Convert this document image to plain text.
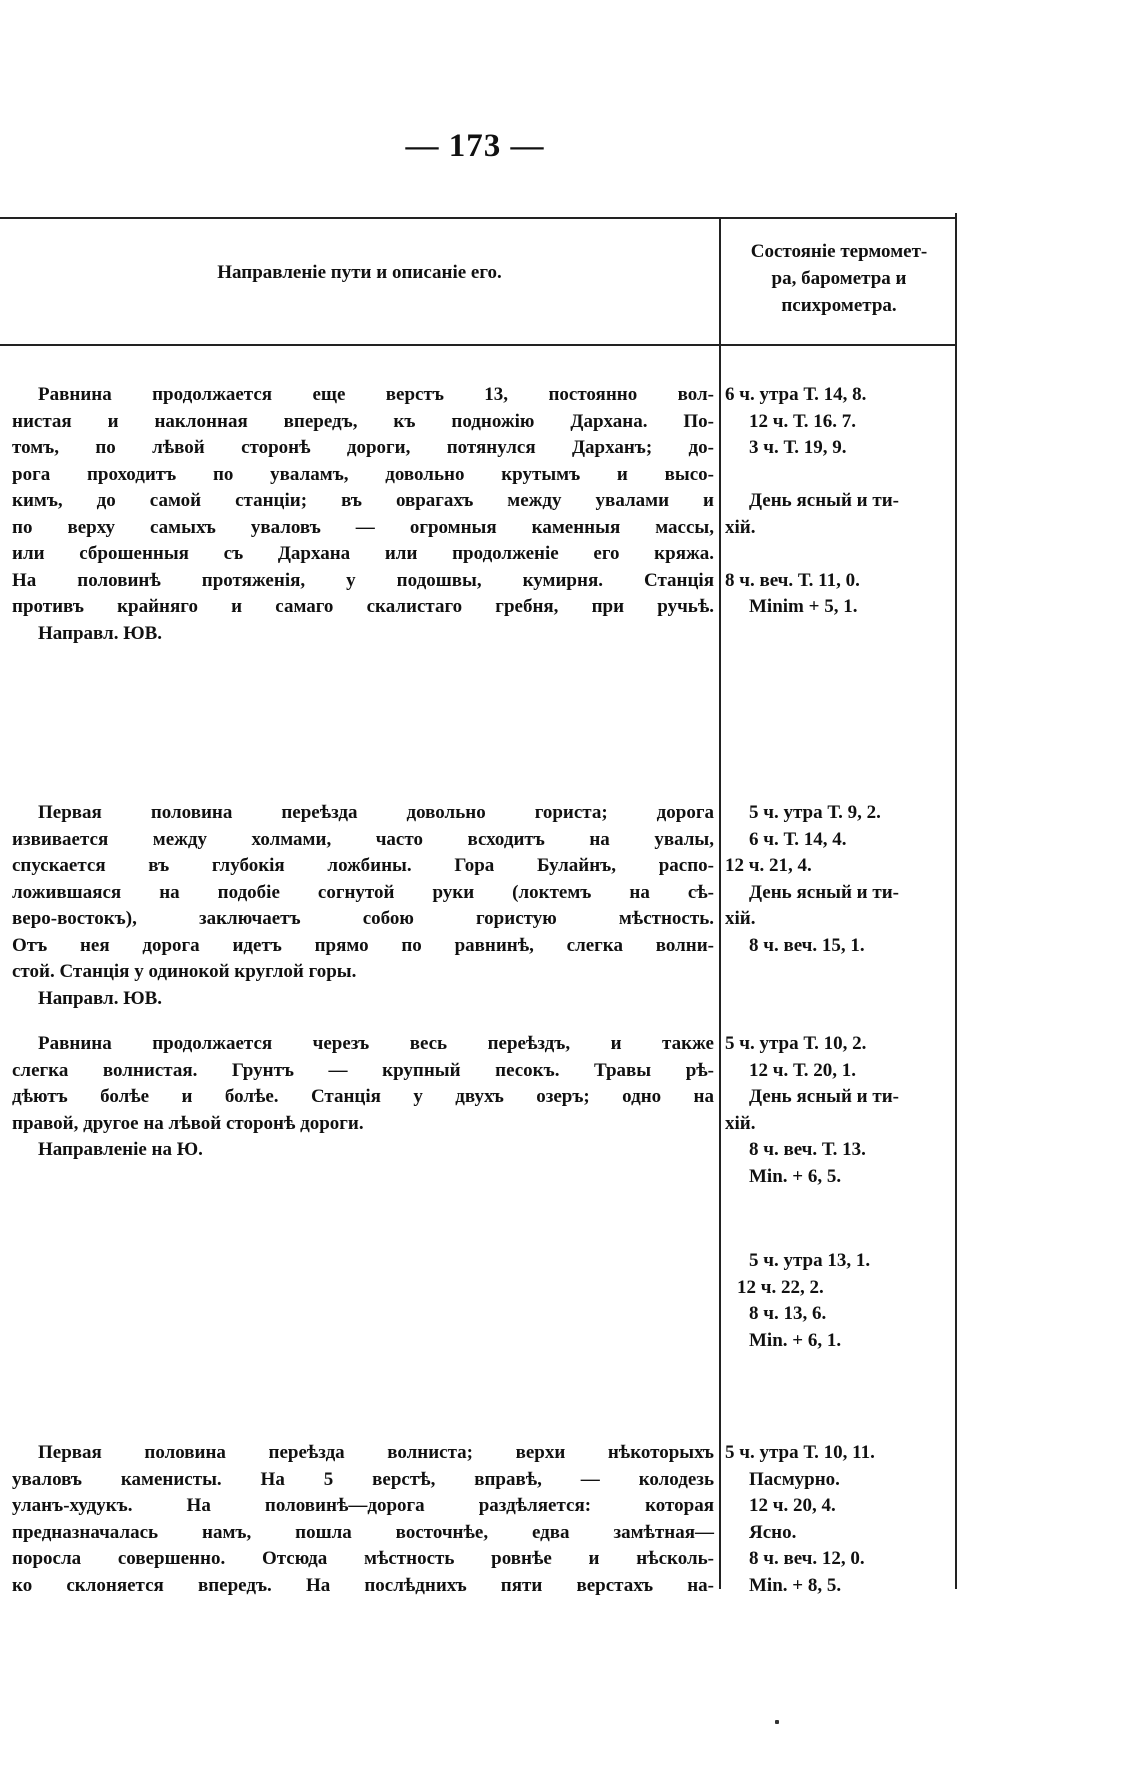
— 173 —
Направленіе пути и описаніе его.
Состояніе термомет-
ра, барометра и
психрометра.
Равнина продолжается еще верстъ 13, постоянно вол-
нистая и наклонная впередъ, къ подножію Дархана. По-
томъ, по лѣвой сторонѣ дороги, потянулся Дарханъ; до-
рога проходитъ по уваламъ, довольно крутымъ и высо-
кимъ, до самой станціи; въ оврагахъ между увалами и
по верху самыхъ уваловъ — огромныя каменныя массы,
или сброшенныя съ Дархана или продолженіе его кряжа.
На половинѣ протяженія, у подошвы, кумирня. Станція
противъ крайняго и самаго скалистаго гребня, при ручьѣ.
Направл. ЮВ.
6 ч. утра Т. 14, 8.
12 ч. Т. 16. 7.
3 ч. Т. 19, 9.
День ясный и ти-
хій.
8 ч. веч. Т. 11, 0.
Minim + 5, 1.
Первая половина переѣзда довольно гориста; дорога
извивается между холмами, часто всходитъ на увалы,
спускается въ глубокія ложбины. Гора Булайнъ, распо-
ложившаяся на подобіе согнутой руки (локтемъ на сѣ-
веро-востокъ), заключаетъ собою гористую мѣстность.
Отъ нея дорога идетъ прямо по равнинѣ, слегка волни-
стой. Станція у одинокой круглой горы.
Направл. ЮВ.
5 ч. утра Т. 9, 2.
6 ч. Т. 14, 4.
12 ч. 21, 4.
День ясный и ти-
хій.
8 ч. веч. 15, 1.
Равнина продолжается черезъ весь переѣздъ, и также
слегка волнистая. Грунтъ — крупный песокъ. Травы рѣ-
дѣютъ болѣе и болѣе. Станція у двухъ озеръ; одно на
правой, другое на лѣвой сторонѣ дороги.
Направленіе на Ю.
5 ч. утра Т. 10, 2.
12 ч. Т. 20, 1.
День ясный и ти-
хій.
8 ч. веч. Т. 13.
Min. + 6, 5.
5 ч. утра 13, 1.
12 ч. 22, 2.
8 ч. 13, 6.
Min. + 6, 1.
Первая половина переѣзда волниста; верхи нѣкоторыхъ
уваловъ каменисты. На 5 верстѣ, вправѣ, — колодезь
уланъ-худукъ. На половинѣ—дорога раздѣляется: которая
предназначалась намъ, пошла восточнѣе, едва замѣтная—
поросла совершенно. Отсюда мѣстность ровнѣе и нѣсколь-
ко склоняется впередъ. На послѣднихъ пяти верстахъ на-
5 ч. утра Т. 10, 11.
Пасмурно.
12 ч. 20, 4.
Ясно.
8 ч. веч. 12, 0.
Min. + 8, 5.
